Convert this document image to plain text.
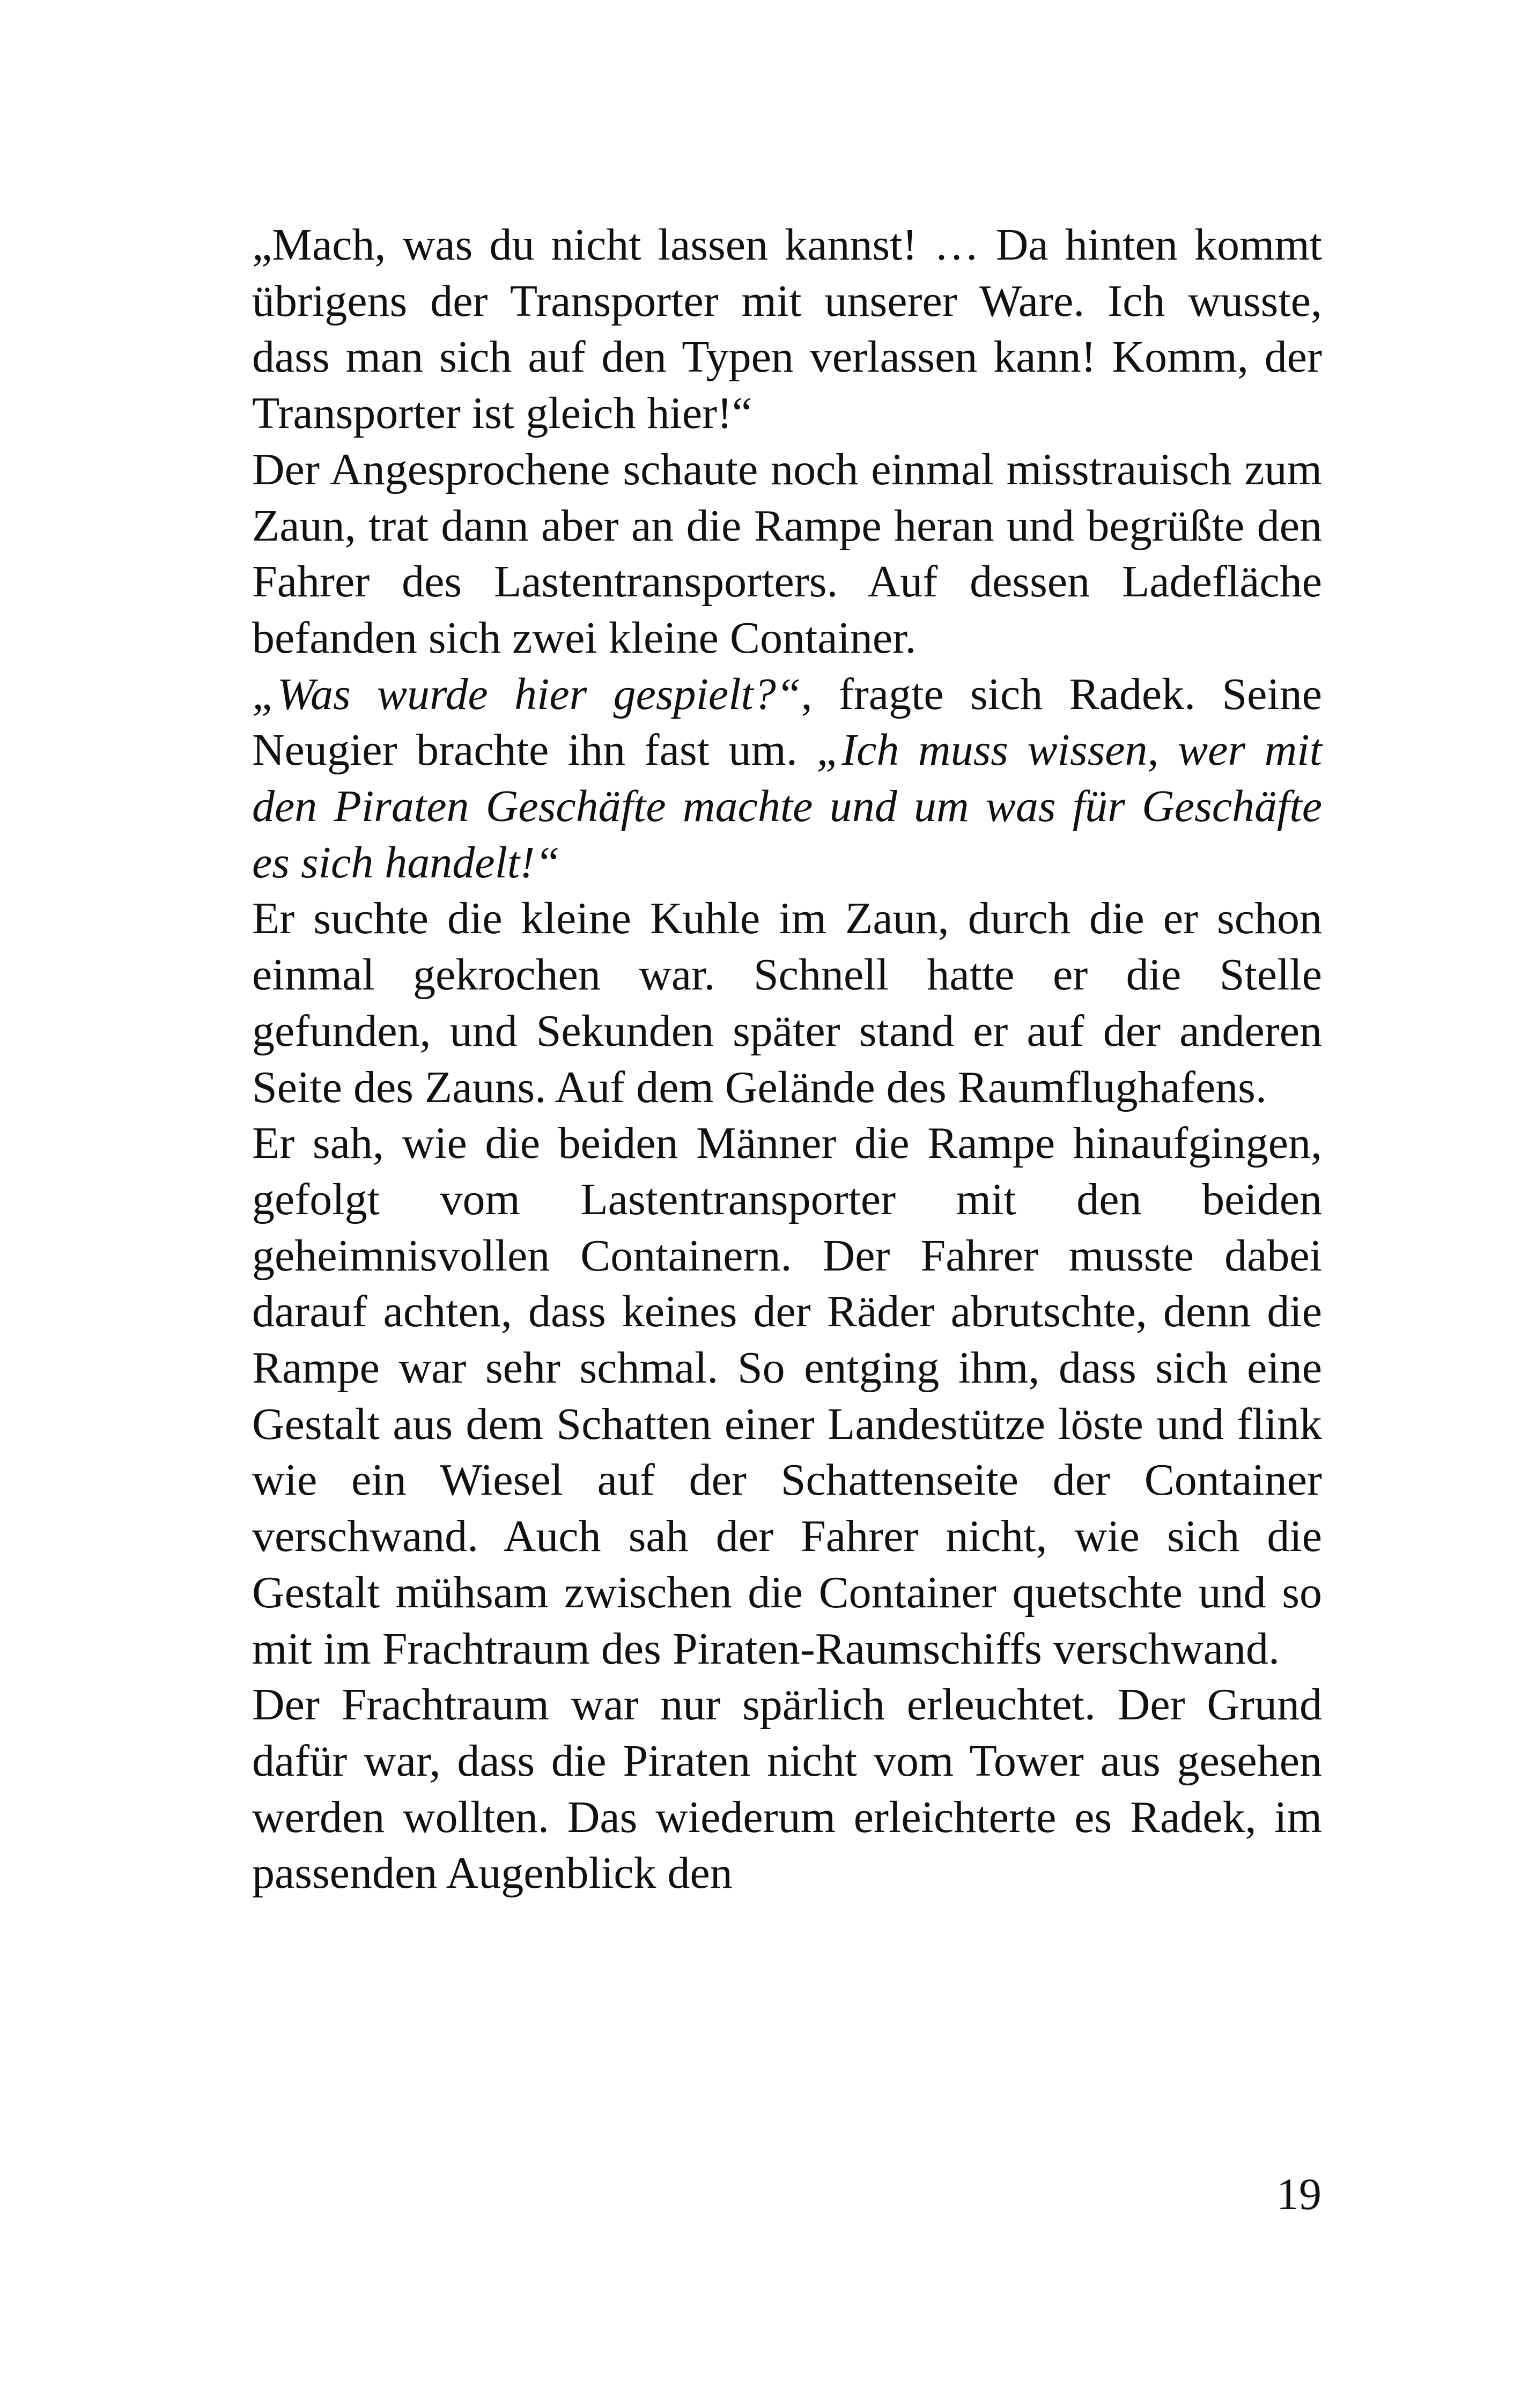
„Mach, was du nicht lassen kannst! … Da hinten kommt übrigens der Transporter mit unserer Ware. Ich wusste, dass man sich auf den Typen verlassen kann! Komm, der Transporter ist gleich hier!“

Der Angesprochene schaute noch einmal misstrauisch zum Zaun, trat dann aber an die Rampe heran und begrüßte den Fahrer des Lastentransporters. Auf dessen Ladefläche befanden sich zwei kleine Container.

„Was wurde hier gespielt?“, fragte sich Radek. Seine Neugier brachte ihn fast um. „Ich muss wissen, wer mit den Piraten Geschäfte machte und um was für Geschäfte es sich handelt!“

Er suchte die kleine Kuhle im Zaun, durch die er schon einmal gekrochen war. Schnell hatte er die Stelle gefunden, und Sekunden später stand er auf der anderen Seite des Zauns. Auf dem Gelände des Raumflughafens.

Er sah, wie die beiden Männer die Rampe hinaufgingen, gefolgt vom Lastentransporter mit den beiden geheimnisvollen Containern. Der Fahrer musste dabei darauf achten, dass keines der Räder abrutschte, denn die Rampe war sehr schmal. So entging ihm, dass sich eine Gestalt aus dem Schatten einer Landestütze löste und flink wie ein Wiesel auf der Schattenseite der Container verschwand. Auch sah der Fahrer nicht, wie sich die Gestalt mühsam zwischen die Container quetschte und so mit im Frachtraum des Piraten-Raumschiffs verschwand.

Der Frachtraum war nur spärlich erleuchtet. Der Grund dafür war, dass die Piraten nicht vom Tower aus gesehen werden wollten. Das wiederum erleichterte es Radek, im passenden Augenblick den

19
